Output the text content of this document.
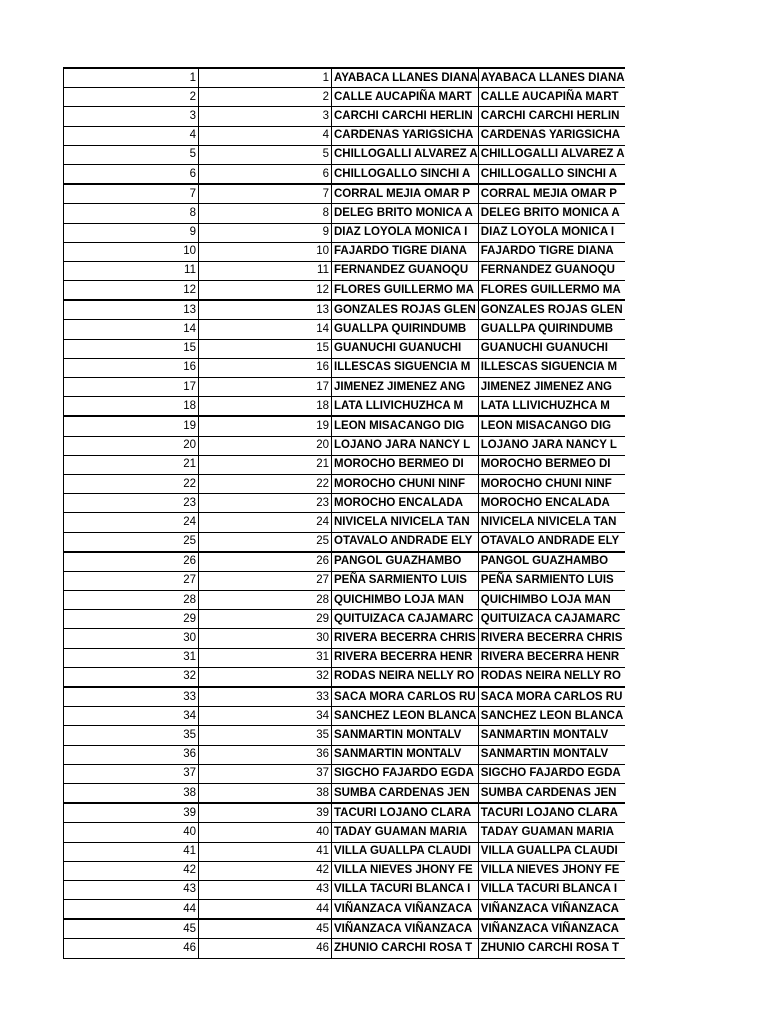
1	1	AYABACA LLANES DIANA	AYABACA LLANES DIANA
2	2	CALLE AUCAPIÑA MART	CALLE AUCAPIÑA MART
3	3	CARCHI CARCHI HERLIN	CARCHI CARCHI HERLIN
4	4	CARDENAS YARIGSICHA	CARDENAS YARIGSICHA
5	5	CHILLOGALLI ALVAREZ A	CHILLOGALLI ALVAREZ A
6	6	CHILLOGALLO SINCHI A	CHILLOGALLO SINCHI A
7	7	CORRAL MEJIA OMAR P	CORRAL MEJIA OMAR P
8	8	DELEG BRITO MONICA A	DELEG BRITO MONICA A
9	9	DIAZ LOYOLA MONICA I	DIAZ LOYOLA MONICA I
10	10	FAJARDO TIGRE DIANA	FAJARDO TIGRE DIANA
11	11	FERNANDEZ GUANOQU	FERNANDEZ GUANOQU
12	12	FLORES GUILLERMO MA	FLORES GUILLERMO MA
13	13	GONZALES ROJAS GLEN	GONZALES ROJAS GLEN
14	14	GUALLPA QUIRINDUMB	GUALLPA QUIRINDUMB
15	15	GUANUCHI GUANUCHI	GUANUCHI GUANUCHI
16	16	ILLESCAS SIGUENCIA M	ILLESCAS SIGUENCIA M
17	17	JIMENEZ JIMENEZ ANG	JIMENEZ JIMENEZ ANG
18	18	LATA LLIVICHUZHCA M	LATA LLIVICHUZHCA M
19	19	LEON MISACANGO DIG	LEON MISACANGO DIG
20	20	LOJANO JARA NANCY L	LOJANO JARA NANCY L
21	21	MOROCHO BERMEO DI	MOROCHO BERMEO DI
22	22	MOROCHO CHUNI NINF	MOROCHO CHUNI NINF
23	23	MOROCHO ENCALADA	MOROCHO ENCALADA
24	24	NIVICELA NIVICELA TAN	NIVICELA NIVICELA TAN
25	25	OTAVALO ANDRADE ELY	OTAVALO ANDRADE ELY
26	26	PANGOL GUAZHAMBO	PANGOL GUAZHAMBO
27	27	PEÑA SARMIENTO LUIS	PEÑA SARMIENTO LUIS
28	28	QUICHIMBO LOJA MAN	QUICHIMBO LOJA MAN
29	29	QUITUIZACA CAJAMARC	QUITUIZACA CAJAMARC
30	30	RIVERA BECERRA CHRIS	RIVERA BECERRA CHRIS
31	31	RIVERA BECERRA HENR	RIVERA BECERRA HENR
32	32	RODAS NEIRA NELLY RO	RODAS NEIRA NELLY RO
33	33	SACA MORA CARLOS RU	SACA MORA CARLOS RU
34	34	SANCHEZ LEON BLANCA	SANCHEZ LEON BLANCA
35	35	SANMARTIN MONTALV	SANMARTIN MONTALV
36	36	SANMARTIN MONTALV	SANMARTIN MONTALV
37	37	SIGCHO FAJARDO EGDA	SIGCHO FAJARDO EGDA
38	38	SUMBA CARDENAS JEN	SUMBA CARDENAS JEN
39	39	TACURI LOJANO CLARA	TACURI LOJANO CLARA
40	40	TADAY GUAMAN MARIA	TADAY GUAMAN MARIA
41	41	VILLA GUALLPA CLAUDI	VILLA GUALLPA CLAUDI
42	42	VILLA NIEVES JHONY FE	VILLA NIEVES JHONY FE
43	43	VILLA TACURI BLANCA I	VILLA TACURI BLANCA I
44	44	VIÑANZACA VIÑANZACA	VIÑANZACA VIÑANZACA
45	45	VIÑANZACA VIÑANZACA	VIÑANZACA VIÑANZACA
46	46	ZHUNIO CARCHI ROSA T	ZHUNIO CARCHI ROSA T
